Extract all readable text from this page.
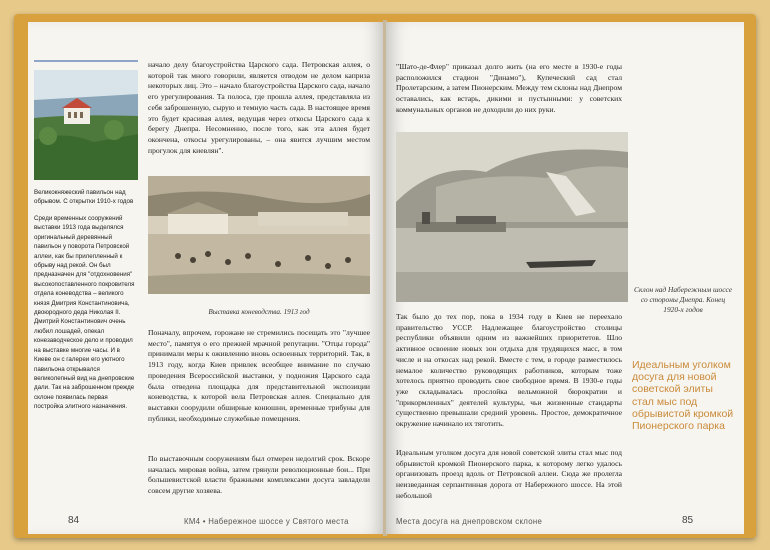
Великокняжеский павильон над обрывом. С открытки 1910-х годов
Среди временных сооружений выставки 1913 года выделялся оригинальный деревянный павильон у поворота Петровской аллеи, как бы прилепленный к обрыву над рекой. Он был предназначен для "отдохновения" высокопоставленного покровителя отдела коневодства – великого князя Дмитрия Константиновича, двоюродного деда Николая II. Дмитрий Константинович очень любил лошадей, опекал конезаводческое дело и проводил на выставке многие часы. И в Киеве он с галереи его уютного павильона открывался великолепный вид на днепровские дали. Так на заброшенном прежде склоне появилась первая постройка элитного назначения.
начало делу благоустройства Царского сада. Петровская аллея, о которой так много говорили, является отводом не делом каприза некоторых лиц. Это – начало благоустройства Царского сада, начало его урегулирования. Та полоса, где прошла аллея, представляла из себя заброшенную, сырую и темную часть сада. В настоящее время это будет красивая аллея, ведущая через откосы Царского сада к берегу Днепра. Несомненно, после того, как эта аллея будет окончена, откосы урегулированы, – она явится лучшим местом прогулок для киевлян".
Выставка коневодства. 1913 год
Поначалу, впрочем, горожане не стремились посещать это "лучшее место", памятуя о его прежней мрачной репутации. "Отцы города" принимали меры к оживлению вновь освоенных территорий. Так, в 1913 году, когда Киев привлек всеобщее внимание по случаю проведения Всероссийской выставки, у подножия Царского сада была отведена площадка для представительной экспозиции коневодства, к которой вела Петровская аллея. Специально для выставки соорудили обширные конюшни, временные трибуны для публики, необходимые служебные помещения.
По выставочным сооружениям был отмерен недолгий срок. Вскоре началась мировая война, затем грянули революционные бои... При большевистской власти бражными комплексами досуга завладели совсем другие хозяева.
84	КМ4 • Набережное шоссе у Святого места
"Шато-де-Флер" приказал долго жить (на его месте в 1930-е годы расположился стадион "Динамо"), Купеческий сад стал Пролетарским, а затем Пионерским. Между тем склоны над Днепром оставались, как встарь, дикими и пустынными: у советских коммунальных органов не доходили до них руки.
Так было до тех пор, пока в 1934 году в Киев не переехало правительство УССР. Надлежащее благоустройство столицы республики объявили одним из важнейших приоритетов. Шло активное освоение новых зон отдыха для трудящихся масс, в том числе и на откосах над рекой. Вместе с тем, в городе разместилось немалое количество руководящих работников, которым тоже хотелось приятно проводить свое свободное время. В 1930-е годы уже складывалась прослойка вельможной бюрократии и "прикормленных" деятелей культуры, чьи жизненные стандарты существенно превышали средний уровень. Простое, демократичное окружение начинало их тяготить.
Идеальным уголком досуга для новой советской элиты стал мыс под обрывистой кромкой Пионерского парка, к которому легко удалось организовать проезд вдоль от Петровской аллеи. Сюда же пролегла неизведанная серпантинная дорога от Набережного шоссе. На этой небольшой
Склон над Набережным шоссе со стороны Днепра. Конец 1920-х годов
Идеальным уголком досуга для новой советской элиты стал мыс под обрывистой кромкой Пионерского парка
Места досуга на днепровском склоне	85
